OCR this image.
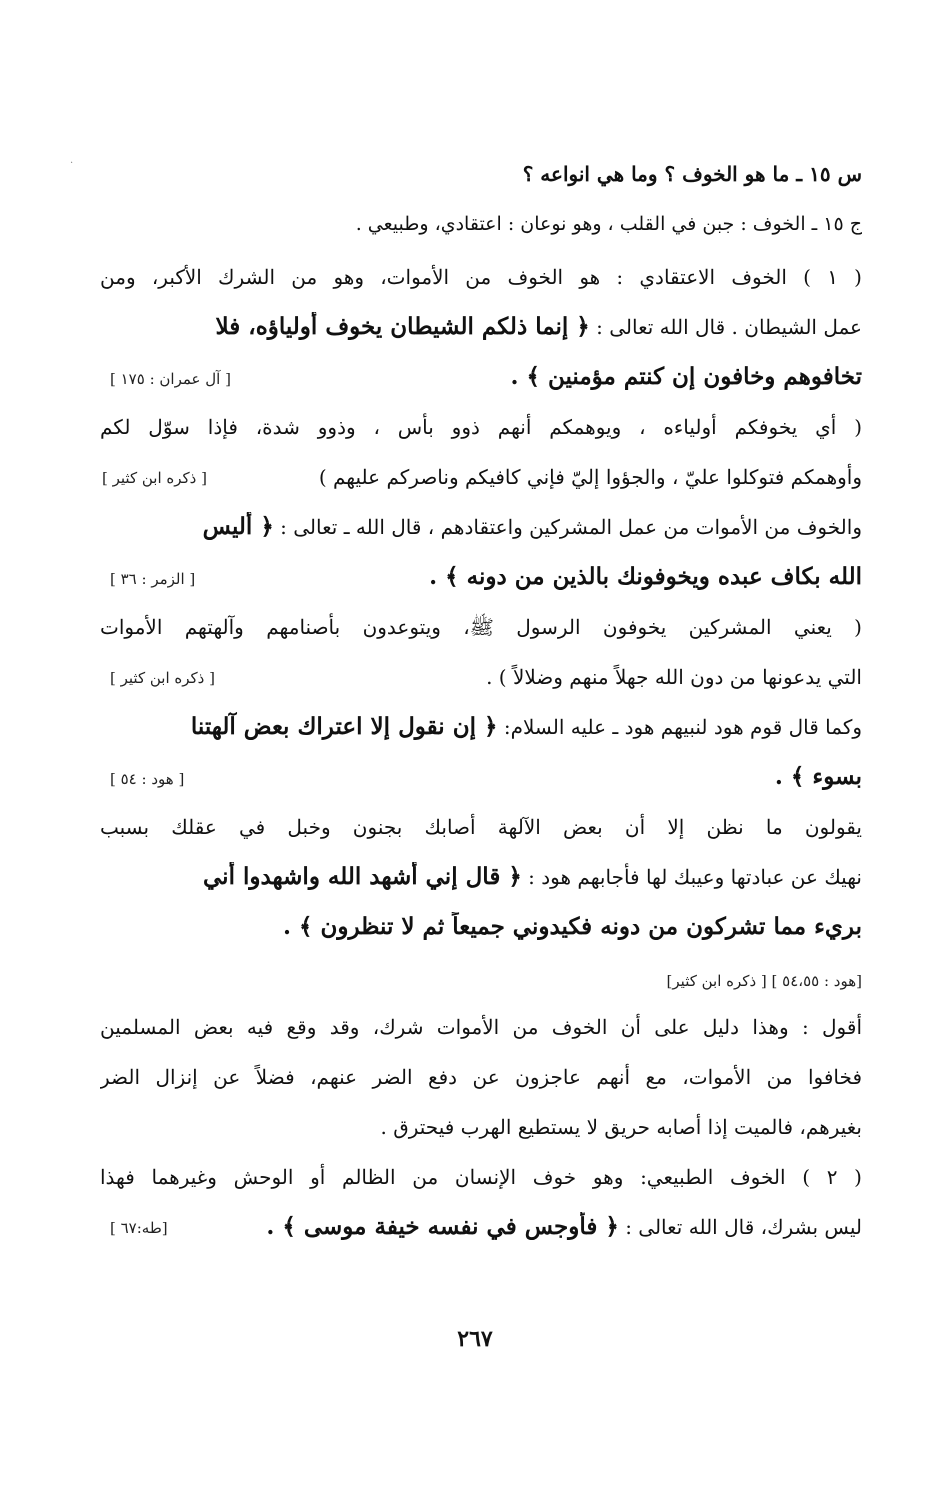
.
س ١٥ ـ ما هو الخوف ؟ وما هي انواعه ؟
ج ١٥ ـ الخوف : جبن في القلب ، وهو نوعان : اعتقادي، وطبيعي .
( ١ ) الخوف الاعتقادي : هو الخوف من الأموات، وهو من الشرك الأكبر، ومن
عمل الشيطان . قال الله تعالى : ﴿ إنما ذلكم الشيطان يخوف أولياؤه، فلا
تخافوهم وخافون إن كنتم مؤمنين ﴾ .
[ آل عمران : ١٧٥ ]
( أي يخوفكم أولياءه ، ويوهمكم أنهم ذوو بأس ، وذوو شدة، فإذا سوّل لكم
وأوهمكم فتوكلوا عليّ ، والجؤوا إليّ فإني كافيكم وناصركم عليهم )
[ ذكره ابن كثير ]
والخوف من الأموات من عمل المشركين واعتقادهم ، قال الله ـ تعالى : ﴿ أليس
الله بكاف عبده ويخوفونك بالذين من دونه ﴾ .
[ الزمر : ٣٦ ]
( يعني المشركين يخوفون الرسول ﷺ، ويتوعدون بأصنامهم وآلهتهم الأموات
التي يدعونها من دون الله جهلاً منهم وضلالاً ) .
[ ذكره ابن كثير ]
وكما قال قوم هود لنبيهم هود ـ عليه السلام: ﴿ إن نقول إلا اعتراك بعض آلهتنا
بسوء ﴾ .
[ هود : ٥٤ ]
يقولون ما نظن إلا أن بعض الآلهة أصابك بجنون وخبل في عقلك بسبب
نهيك عن عبادتها وعيبك لها فأجابهم هود : ﴿ قال إني أشهد الله واشهدوا أني
بريء مما تشركون من دونه فكيدوني جميعاً ثم لا تنظرون ﴾ .
[هود : ٥٤،٥٥ ] [ ذكره ابن كثير]
أقول : وهذا دليل على أن الخوف من الأموات شرك، وقد وقع فيه بعض المسلمين
فخافوا من الأموات، مع أنهم عاجزون عن دفع الضر عنهم، فضلاً عن إنزال الضر
بغيرهم، فالميت إذا أصابه حريق لا يستطيع الهرب فيحترق .
( ٢ ) الخوف الطبيعي: وهو خوف الإنسان من الظالم أو الوحش وغيرهما فهذا
ليس بشرك، قال الله تعالى : ﴿ فأوجس في نفسه خيفة موسى ﴾ .
[طه:٦٧ ]
٢٦٧
